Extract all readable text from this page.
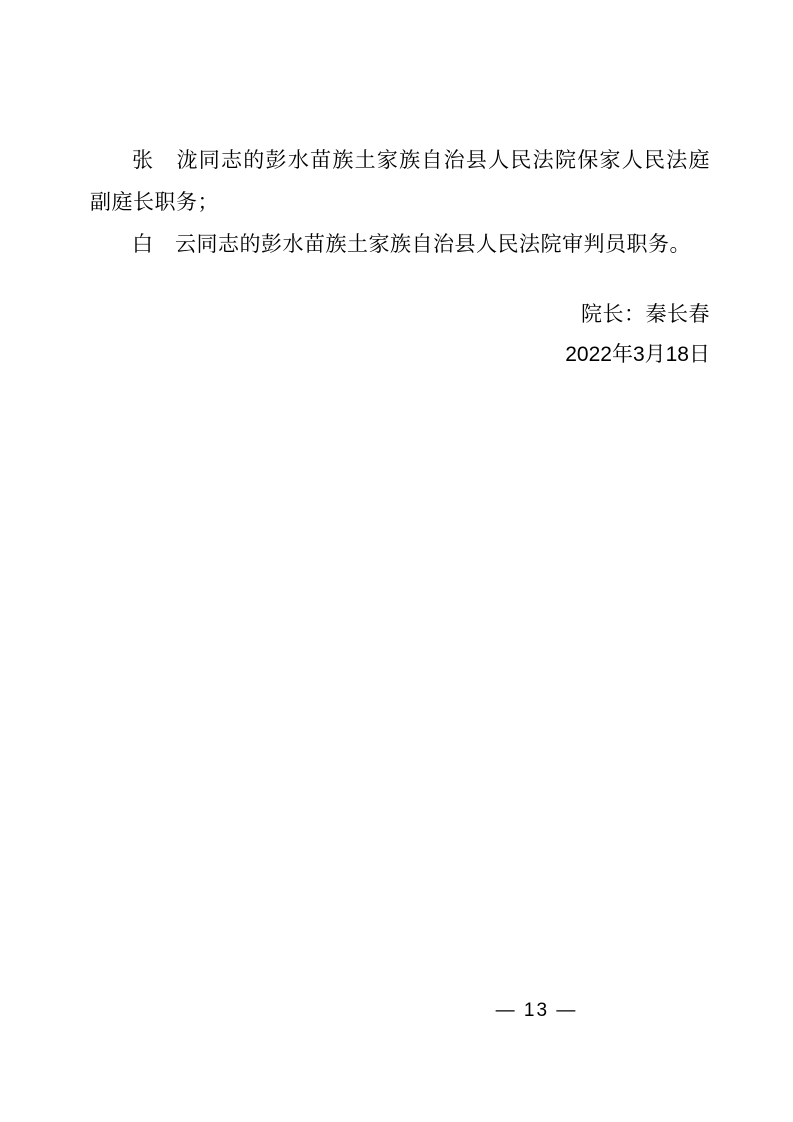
张　泷同志的彭水苗族土家族自治县人民法院保家人民法庭副庭长职务；

白　云同志的彭水苗族土家族自治县人民法院审判员职务。

院长：秦长春
2022年3月18日
— 13 —
